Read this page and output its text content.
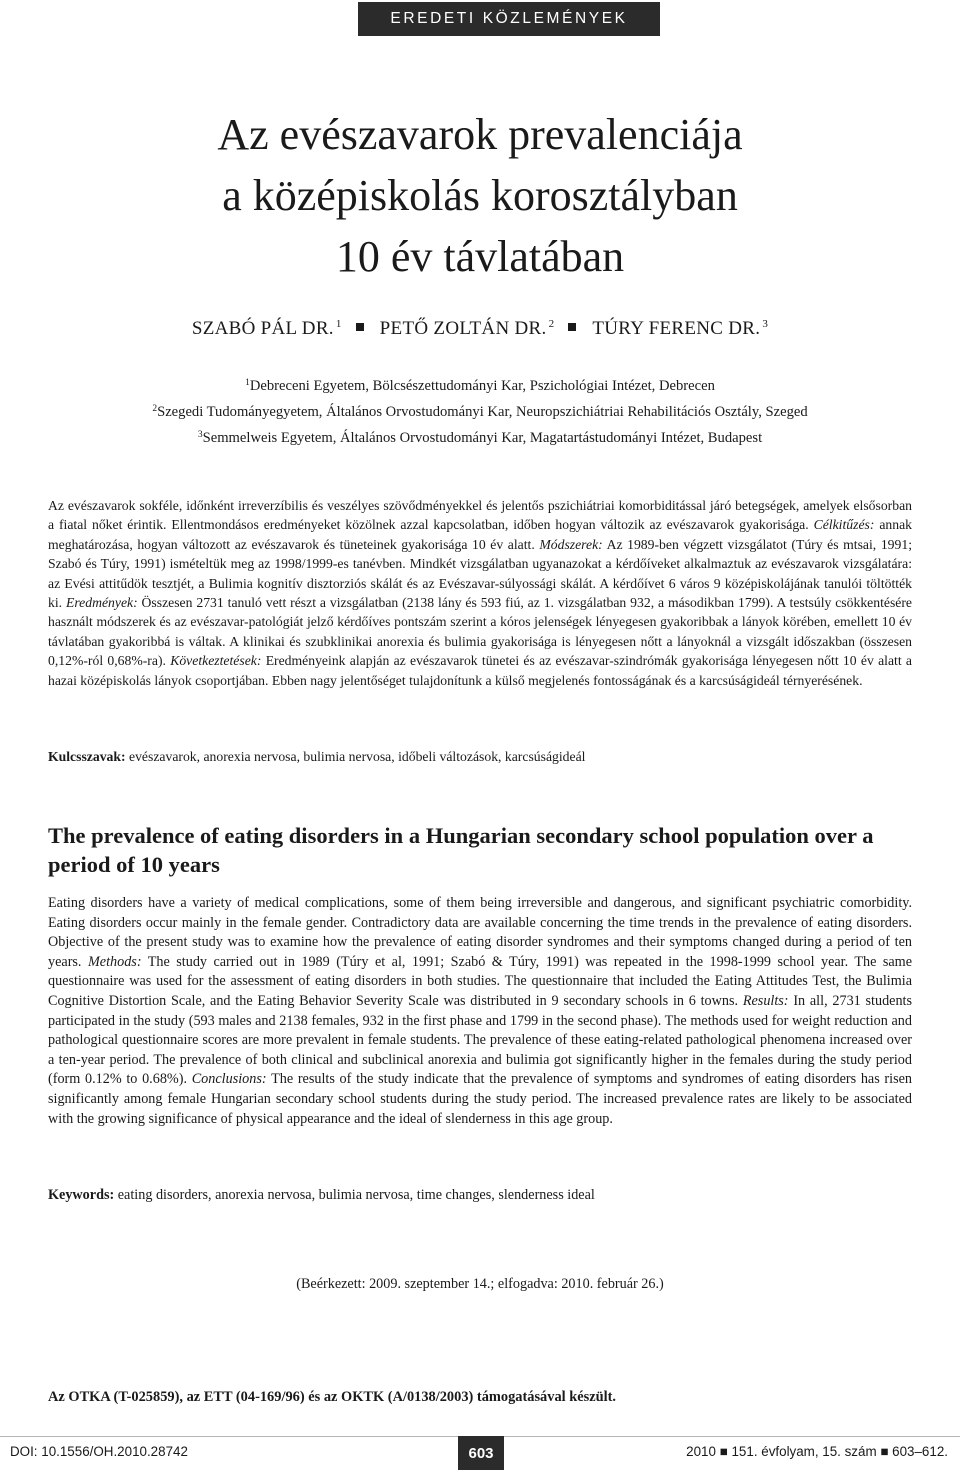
EREDETI KÖZLEMÉNYEK
Az evészavarok prevalenciája
a középiskolás korosztályban
10 év távlatában
SZABÓ PÁL DR. $^1$ PETŐ ZOLTÁN DR. $^2$ TÚRY FERENC DR. $^3$
$^1$Debreceni Egyetem, Bölcsészettudományi Kar, Pszichológiai Intézet, Debrecen
$^2$Szegedi Tudományegyetem, Általános Orvostudományi Kar, Neuropszichiátriai Rehabilitációs Osztály, Szeged
$^3$Semmelweis Egyetem, Általános Orvostudományi Kar, Magatartástudományi Intézet, Budapest

Az evészavarok sokféle, időnként irreverzíbilis és veszélyes szövődményekkel és jelentős pszichiátriai komorbiditással járó betegségek, amelyek elsősorban a fiatal nőket érintik. Ellentmondásos eredményeket közölnek azzal kapcsolatban, időben hogyan változik az evészavarok gyakorisága. Célkitűzés: annak meghatározása, hogyan változott az evészavarok és tüneteinek gyakorisága 10 év alatt. Módszerek: Az 1989-ben végzett vizsgálatot (Túry és mtsai, 1991; Szabó és Túry, 1991) ismételtük meg az 1998/1999-es tanévben. Mindkét vizsgálatban ugyanazokat a kérdőíveket alkalmaztuk az evészavarok vizsgálatára: az Evési attitűdök tesztjét, a Bulimia kognitív disztorziós skálát és az Evészavar-súlyossági skálát. A kérdőívet 6 város 9 középiskolájának tanulói töltötték ki. Eredmények: Összesen 2731 tanuló vett részt a vizsgálatban (2138 lány és 593 fiú, az 1. vizsgálatban 932, a másodikban 1799). A testsúly csökkentésére használt módszerek és az evészavar-patológiát jelző kérdőíves pontszám szerint a kóros jelenségek lényegesen gyakoribbak a lányok körében, emellett 10 év távlatában gyakoribbá is váltak. A klinikai és szubklinikai anorexia és bulimia gyakorisága is lényegesen nőtt a lányoknál a vizsgált időszakban (összesen 0,12%-ról 0,68%-ra). Következtetések: Eredményeink alapján az evészavarok tünetei és az evészavar-szindrómák gyakorisága lényegesen nőtt 10 év alatt a hazai középiskolás lányok csoportjában. Ebben nagy jelentőséget tulajdonítunk a külső megjelenés fontosságának és a karcsúságideál térnyerésének.

Kulcsszavak: evészavarok, anorexia nervosa, bulimia nervosa, időbeli változások, karcsúságideál
The prevalence of eating disorders in a Hungarian secondary school population over a period of 10 years

Eating disorders have a variety of medical complications, some of them being irreversible and dangerous, and significant psychiatric comorbidity. Eating disorders occur mainly in the female gender. Contradictory data are available concerning the time trends in the prevalence of eating disorders. Objective of the present study was to examine how the prevalence of eating disorder syndromes and their symptoms changed during a period of ten years. Methods: The study carried out in 1989 (Túry et al, 1991; Szabó & Túry, 1991) was repeated in the 1998-1999 school year. The same questionnaire was used for the assessment of eating disorders in both studies. The questionnaire that included the Eating Attitudes Test, the Bulimia Cognitive Distortion Scale, and the Eating Behavior Severity Scale was distributed in 9 secondary schools in 6 towns. Results: In all, 2731 students participated in the study (593 males and 2138 females, 932 in the first phase and 1799 in the second phase). The methods used for weight reduction and pathological questionnaire scores are more prevalent in female students. The prevalence of these eating-related pathological phenomena increased over a ten-year period. The prevalence of both clinical and subclinical anorexia and bulimia got significantly higher in the females during the study period (form 0.12% to 0.68%). Conclusions: The results of the study indicate that the prevalence of symptoms and syndromes of eating disorders has risen significantly among female Hungarian secondary school students during the study period. The increased prevalence rates are likely to be associated with the growing significance of physical appearance and the ideal of slenderness in this age group.

Keywords: eating disorders, anorexia nervosa, bulimia nervosa, time changes, slenderness ideal
(Beérkezett: 2009. szeptember 14.; elfogadva: 2010. február 26.)
Az OTKA (T-025859), az ETT (04-169/96) és az OKTK (A/0138/2003) támogatásával készült.
DOI: 10.1556/OH.2010.28742	603	2010 ■ 151. évfolyam, 15. szám ■ 603–612.
